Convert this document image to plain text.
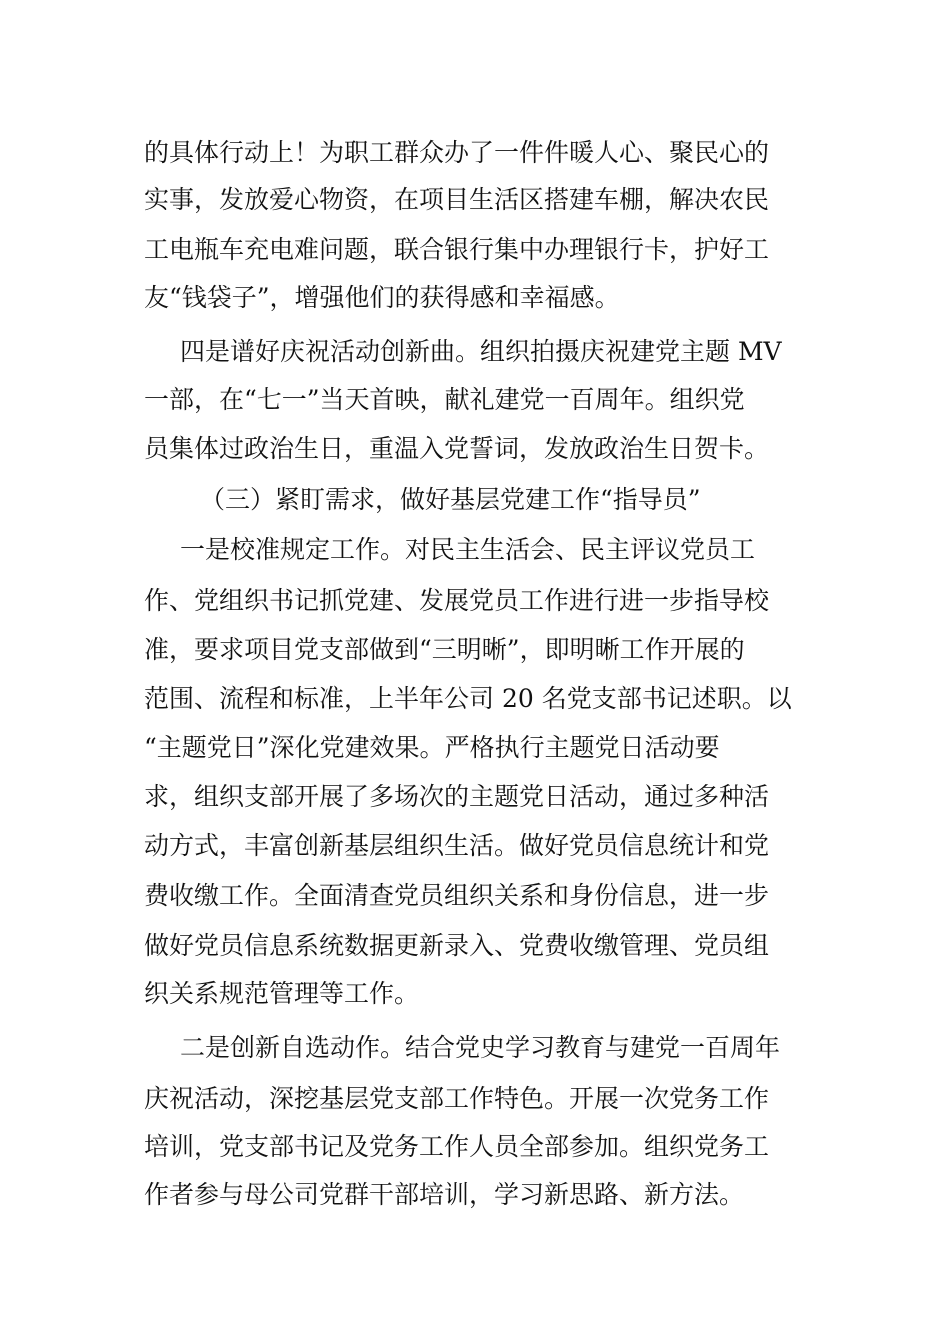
的具体行动上！为职工群众办了一件件暖人心、聚民心的
实事，发放爱心物资，在项目生活区搭建车棚，解决农民
工电瓶车充电难问题，联合银行集中办理银行卡，护好工
友“钱袋子”，增强他们的获得感和幸福感。
四是谱好庆祝活动创新曲。组织拍摄庆祝建党主题 MV
一部，在“七一”当天首映，献礼建党一百周年。组织党
员集体过政治生日，重温入党誓词，发放政治生日贺卡。
（三）紧盯需求，做好基层党建工作“指导员”
一是校准规定工作。对民主生活会、民主评议党员工
作、党组织书记抓党建、发展党员工作进行进一步指导校
准，要求项目党支部做到“三明晰”，即明晰工作开展的
范围、流程和标准，上半年公司 20 名党支部书记述职。以
“主题党日”深化党建效果。严格执行主题党日活动要
求，组织支部开展了多场次的主题党日活动，通过多种活
动方式，丰富创新基层组织生活。做好党员信息统计和党
费收缴工作。全面清查党员组织关系和身份信息，进一步
做好党员信息系统数据更新录入、党费收缴管理、党员组
织关系规范管理等工作。
二是创新自选动作。结合党史学习教育与建党一百周年
庆祝活动，深挖基层党支部工作特色。开展一次党务工作
培训，党支部书记及党务工作人员全部参加。组织党务工
作者参与母公司党群干部培训，学习新思路、新方法。
